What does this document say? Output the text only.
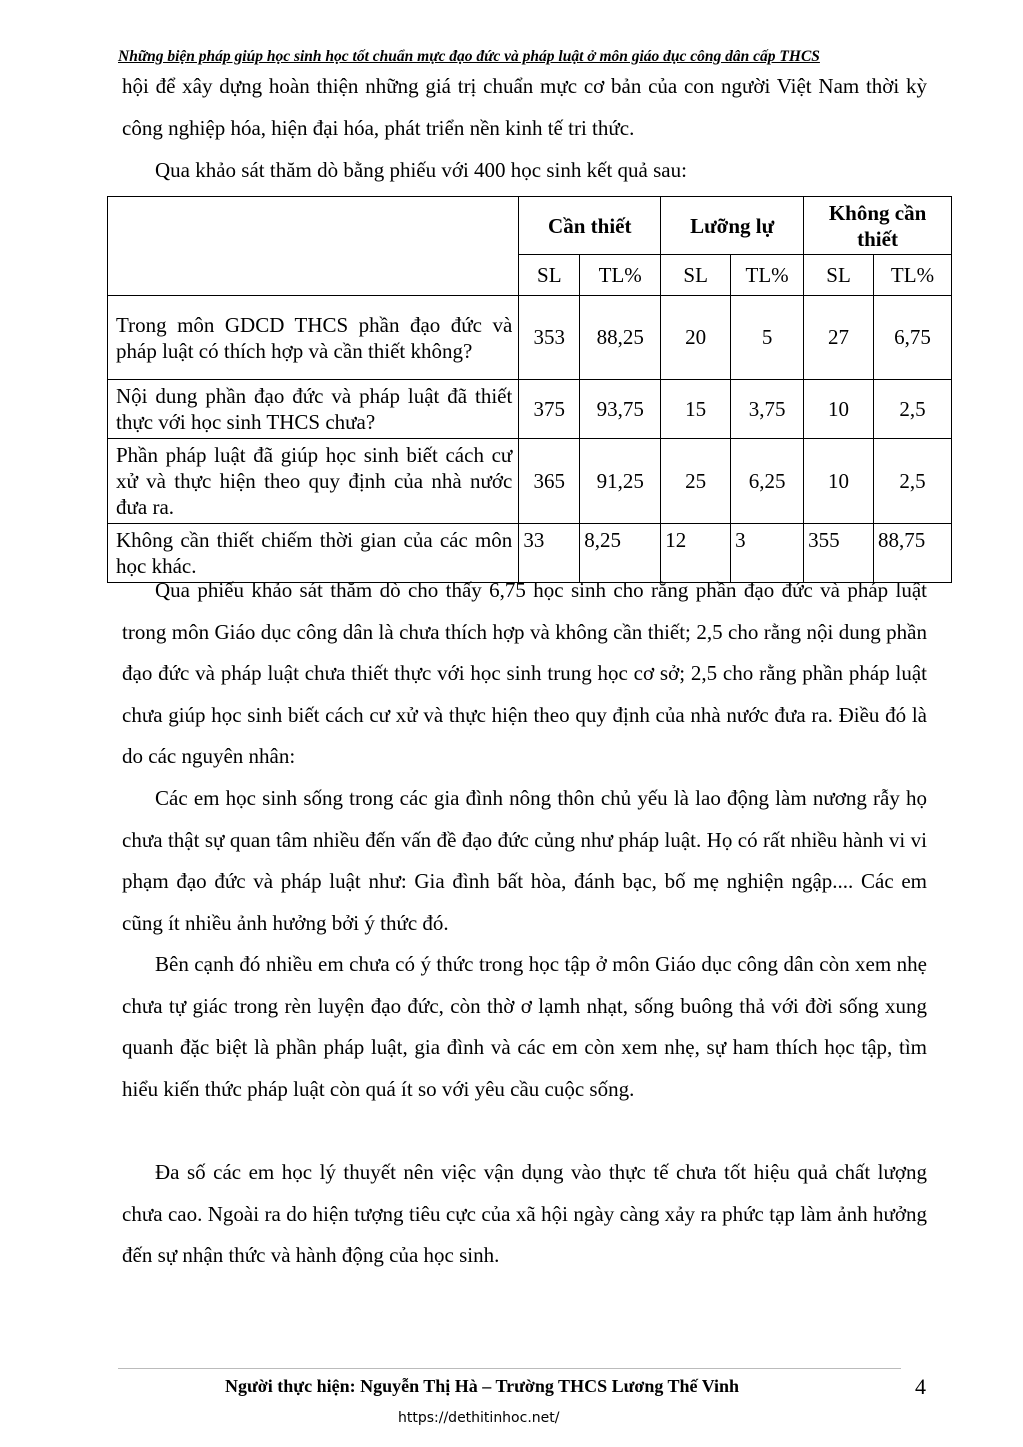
Những biện pháp giúp học sinh học tốt chuẩn mực đạo đức và pháp luật ở môn giáo dục công dân cấp THCS
hội để xây dựng hoàn thiện những giá trị chuẩn mực cơ bản của con người Việt Nam thời kỳ công nghiệp hóa, hiện đại hóa, phát triển nền kinh tế tri thức.
Qua khảo sát thăm dò bằng phiếu với 400 học sinh kết quả sau:
	Cần thiết		Lưỡng lự		Không cần thiết	
	SL	TL%	SL	TL%	SL	TL%
Trong môn GDCD THCS phần đạo đức và pháp luật có thích hợp và cần thiết không?	353	88,25	20	5	27	6,75
Nội dung phần đạo đức và pháp luật đã thiết thực với học sinh THCS chưa?	375	93,75	15	3,75	10	2,5
Phần pháp luật đã giúp học sinh biết cách cư xử và thực hiện theo quy định của nhà nước đưa ra.	365	91,25	25	6,25	10	2,5
Không cần thiết chiếm thời gian của các môn học khác.	33	8,25	12	3	355	88,75
Qua phiếu khảo sát thăm dò cho thấy 6,75 học sinh cho rằng phần đạo đức và pháp luật trong môn Giáo dục công dân là chưa thích hợp và không cần thiết; 2,5 cho rằng nội dung phần đạo đức và pháp luật chưa thiết thực với học sinh trung học cơ sở; 2,5 cho rằng phần pháp luật chưa giúp học sinh biết cách cư xử và thực hiện theo quy định của nhà nước đưa ra. Điều đó là do các nguyên nhân:
Các em học sinh sống trong các gia đình nông thôn chủ yếu là lao động làm nương rẫy họ chưa thật sự quan tâm nhiều đến vấn đề đạo đức củng như pháp luật. Họ có rất nhiều hành vi vi phạm đạo đức và pháp luật như: Gia đình bất hòa, đánh bạc, bố mẹ nghiện ngập.... Các em cũng ít nhiều ảnh hưởng bởi ý thức đó.
Bên cạnh đó nhiều em chưa có ý thức trong học tập ở môn Giáo dục công dân còn xem nhẹ chưa tự giác trong rèn luyện đạo đức, còn thờ ơ lạmh nhạt, sống buông thả với đời sống xung quanh đặc biệt là phần pháp luật, gia đình và các em còn xem nhẹ, sự ham thích học tập, tìm hiểu kiến thức pháp luật còn quá ít so với yêu cầu cuộc sống.
Đa số các em học lý thuyết nên việc vận dụng vào thực tế chưa tốt hiệu quả chất lượng chưa cao. Ngoài ra do hiện tượng tiêu cực của xã hội ngày càng xảy ra phức tạp làm ảnh hưởng đến sự nhận thức và hành động của học sinh.
Người thực hiện: Nguyễn Thị Hà – Trường THCS Lương Thế Vinh	4
https://dethitinhoc.net/
